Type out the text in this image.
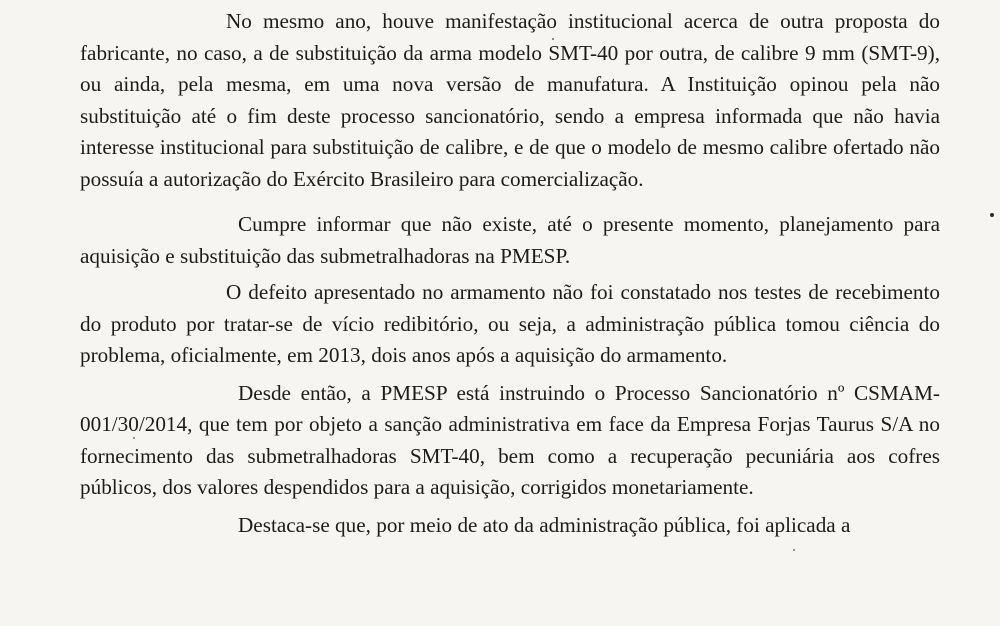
No mesmo ano, houve manifestação institucional acerca de outra proposta do fabricante, no caso, a de substituição da arma modelo SMT-40 por outra, de calibre 9 mm (SMT-9), ou ainda, pela mesma, em uma nova versão de manufatura. A Instituição opinou pela não substituição até o fim deste processo sancionatório, sendo a empresa informada que não havia interesse institucional para substituição de calibre, e de que o modelo de mesmo calibre ofertado não possuía a autorização do Exército Brasileiro para comercialização.

Cumpre informar que não existe, até o presente momento, planejamento para aquisição e substituição das submetralhadoras na PMESP.

O defeito apresentado no armamento não foi constatado nos testes de recebimento do produto por tratar-se de vício redibitório, ou seja, a administração pública tomou ciência do problema, oficialmente, em 2013, dois anos após a aquisição do armamento.

Desde então, a PMESP está instruindo o Processo Sancionatório nº CSMAM-001/30/2014, que tem por objeto a sanção administrativa em face da Empresa Forjas Taurus S/A no fornecimento das submetralhadoras SMT-40, bem como a recuperação pecuniária aos cofres públicos, dos valores despendidos para a aquisição, corrigidos monetariamente.

Destaca-se que, por meio de ato da administração pública, foi aplicada a
